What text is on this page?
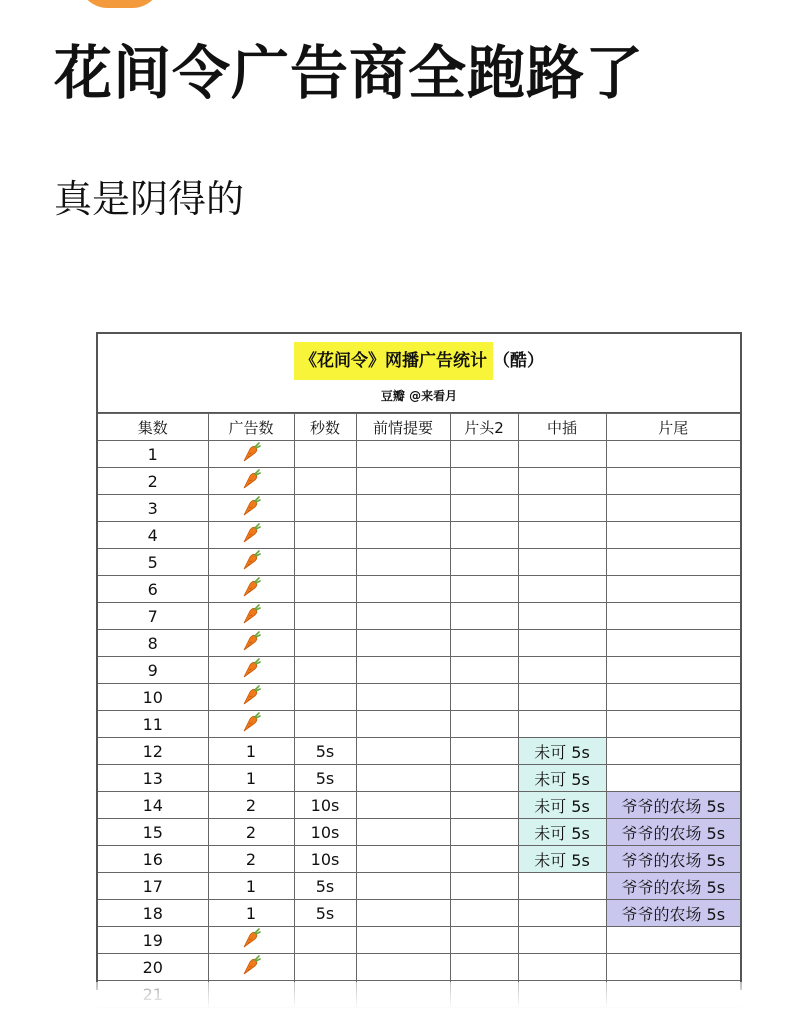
花间令广告商全跑路了

真是阴得的

《花间令》网播广告统计 （酷）
豆瓣 @来看月
集数	广告数	秒数	前情提要	片头2	中插	片尾
1						
2						
3						
4						
5						
6						
7						
8						
9						
10						
11						
12	1	5s			未可 5s	
13	1	5s			未可 5s	
14	2	10s			未可 5s	爷爷的农场 5s
15	2	10s			未可 5s	爷爷的农场 5s
16	2	10s			未可 5s	爷爷的农场 5s
17	1	5s				爷爷的农场 5s
18	1	5s				爷爷的农场 5s
19						
20						
